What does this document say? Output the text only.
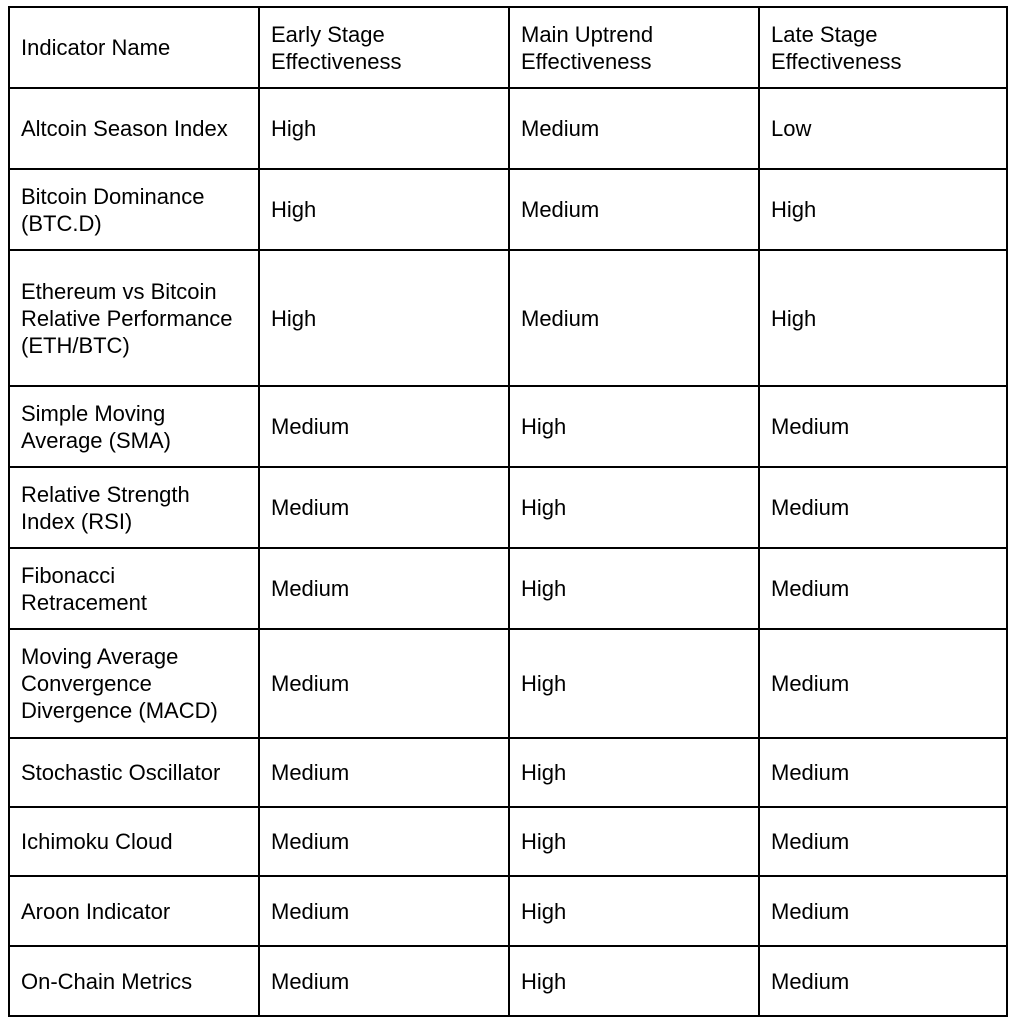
Indicator Name	Early Stage Effectiveness	Main Uptrend Effectiveness	Late Stage Effectiveness
Altcoin Season Index	High	Medium	Low
Bitcoin Dominance (BTC.D)	High	Medium	High
Ethereum vs Bitcoin Relative Performance (ETH/BTC)	High	Medium	High
Simple Moving Average (SMA)	Medium	High	Medium
Relative Strength Index (RSI)	Medium	High	Medium
Fibonacci Retracement	Medium	High	Medium
Moving Average Convergence Divergence (MACD)	Medium	High	Medium
Stochastic Oscillator	Medium	High	Medium
Ichimoku Cloud	Medium	High	Medium
Aroon Indicator	Medium	High	Medium
On-Chain Metrics	Medium	High	Medium
